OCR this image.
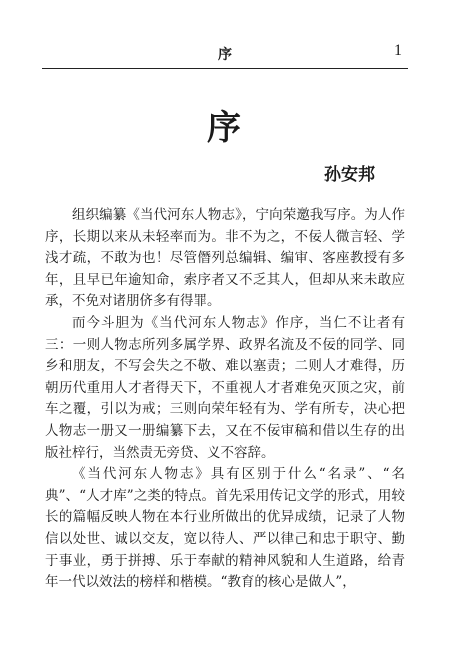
序	1
序
孙安邦

组织编纂《当代河东人物志》，宁向荣邀我写序。为人作序，长期以来从未轻率而为。非不为之，不佞人微言轻、学浅才疏，不敢为也！尽管僭列总编辑、编审、客座教授有多年，且早已年逾知命，索序者又不乏其人，但却从来未敢应承，不免对诸朋侪多有得罪。

而今斗胆为《当代河东人物志》作序，当仁不让者有三：一则人物志所列多属学界、政界名流及不佞的同学、同乡和朋友，不写会失之不敬、难以塞责；二则人才难得，历朝历代重用人才者得天下，不重视人才者难免灭顶之灾，前车之覆，引以为戒；三则向荣年轻有为、学有所专，决心把人物志一册又一册编纂下去，又在不佞审稿和借以生存的出版社梓行，当然责无旁贷、义不容辞。

《当代河东人物志》具有区别于什么“名录”、“名典”、“人才库”之类的特点。首先采用传记文学的形式，用较长的篇幅反映人物在本行业所做出的优异成绩，记录了人物信以处世、诚以交友，宽以待人、严以律己和忠于职守、勤于事业，勇于拼搏、乐于奉献的精神风貌和人生道路，给青年一代以效法的榜样和楷模。“教育的核心是做人”，
